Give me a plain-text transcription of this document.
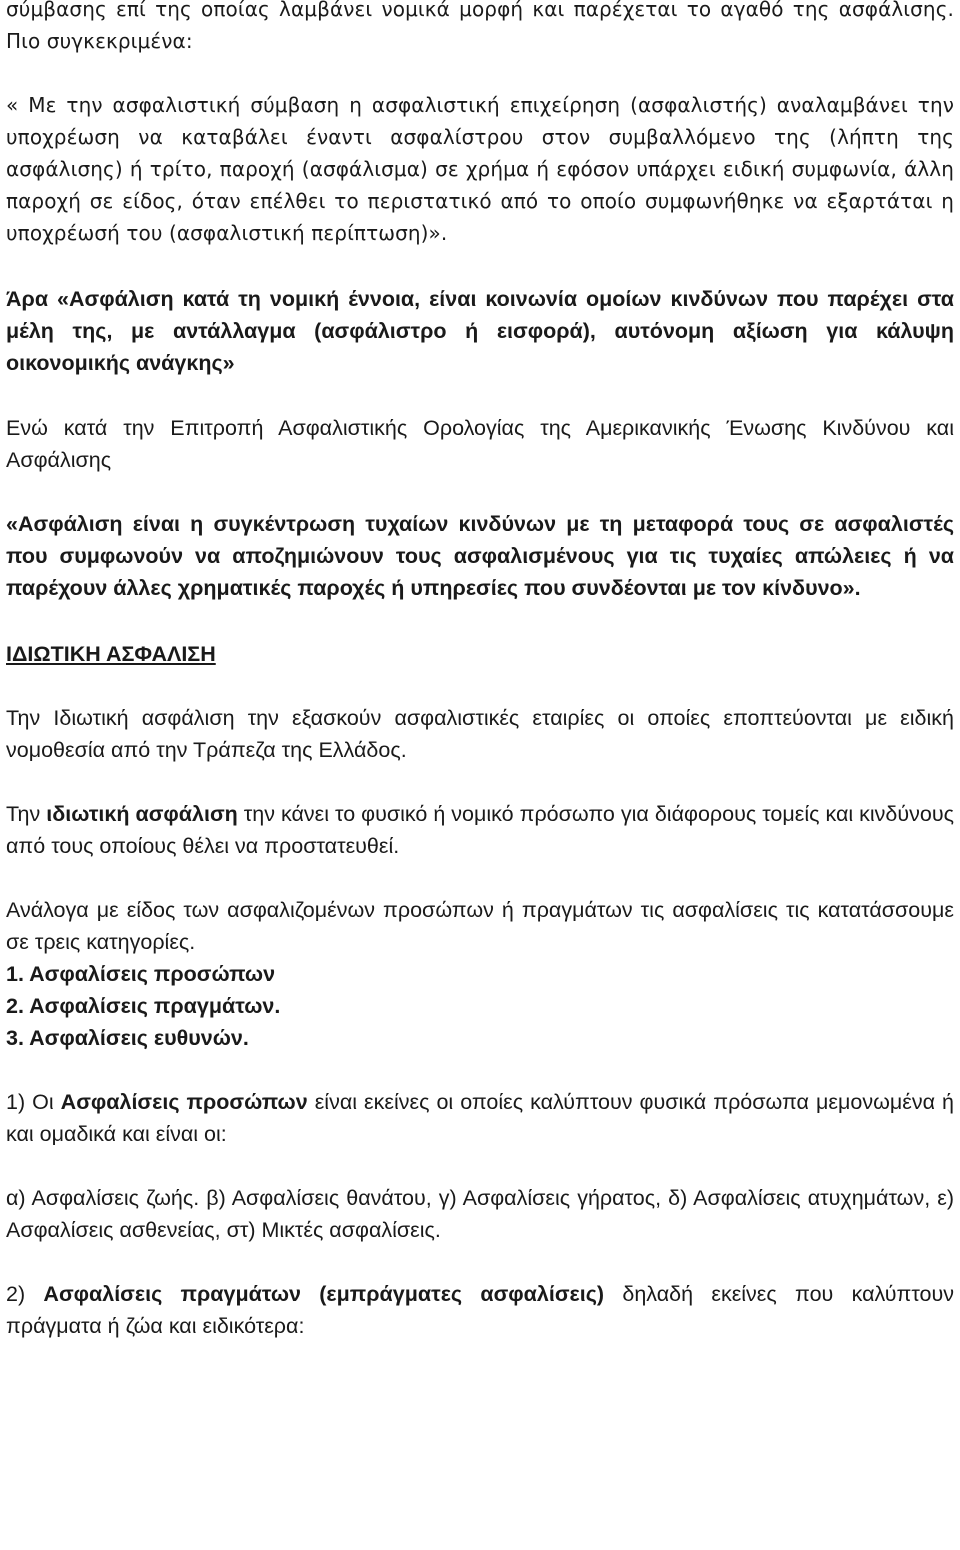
σύμβασης επί της οποίας λαμβάνει νομικά μορφή και παρέχεται το αγαθό της ασφάλισης. Πιο συγκεκριμένα:

« Με την ασφαλιστική σύμβαση η ασφαλιστική επιχείρηση (ασφαλιστής) αναλαμβάνει την υποχρέωση να καταβάλει έναντι ασφαλίστρου στον συμβαλλόμενο της (λήπτη της ασφάλισης) ή τρίτο, παροχή (ασφάλισμα) σε χρήμα ή εφόσον υπάρχει ειδική συμφωνία, άλλη παροχή σε είδος, όταν επέλθει το περιστατικό από το οποίο συμφωνήθηκε να εξαρτάται η υποχρέωσή του (ασφαλιστική περίπτωση)».

Άρα «Ασφάλιση κατά τη νομική έννοια, είναι κοινωνία ομοίων κινδύνων που παρέχει στα μέλη της, με αντάλλαγμα (ασφάλιστρο ή εισφορά), αυτόνομη αξίωση για κάλυψη οικονομικής ανάγκης»

Ενώ κατά την Επιτροπή Ασφαλιστικής Ορολογίας της Αμερικανικής Ένωσης Κινδύνου και Ασφάλισης

«Ασφάλιση είναι η συγκέντρωση τυχαίων κινδύνων με τη μεταφορά τους σε ασφαλιστές που συμφωνούν να αποζημιώνουν τους ασφαλισμένους για τις τυχαίες απώλειες ή να παρέχουν άλλες χρηματικές παροχές ή υπηρεσίες που συνδέονται με τον κίνδυνο».

ΙΔΙΩΤΙΚΗ ΑΣΦΑΛΙΣΗ

Την Ιδιωτική ασφάλιση την εξασκούν ασφαλιστικές εταιρίες οι οποίες εποπτεύονται με ειδική νομοθεσία από την Τράπεζα της Ελλάδος.

Την ιδιωτική ασφάλιση την κάνει το φυσικό ή νομικό πρόσωπο για διάφορους τομείς και κινδύνους από τους οποίους θέλει να προστατευθεί.

Ανάλογα με είδος των ασφαλιζομένων προσώπων ή πραγμάτων τις ασφαλίσεις τις κατατάσσουμε σε τρεις κατηγορίες.

1. Ασφαλίσεις προσώπων

2. Ασφαλίσεις πραγμάτων.

3. Ασφαλίσεις ευθυνών.

1) Οι Ασφαλίσεις προσώπων είναι εκείνες οι οποίες καλύπτουν φυσικά πρόσωπα μεμονωμένα ή και ομαδικά και είναι οι:

α) Ασφαλίσεις ζωής. β) Ασφαλίσεις θανάτου, γ) Ασφαλίσεις γήρατος, δ) Ασφαλίσεις ατυχημάτων, ε) Ασφαλίσεις ασθενείας, στ) Μικτές ασφαλίσεις.

2) Ασφαλίσεις πραγμάτων (εμπράγματες ασφαλίσεις) δηλαδή εκείνες που καλύπτουν πράγματα ή ζώα και ειδικότερα:
